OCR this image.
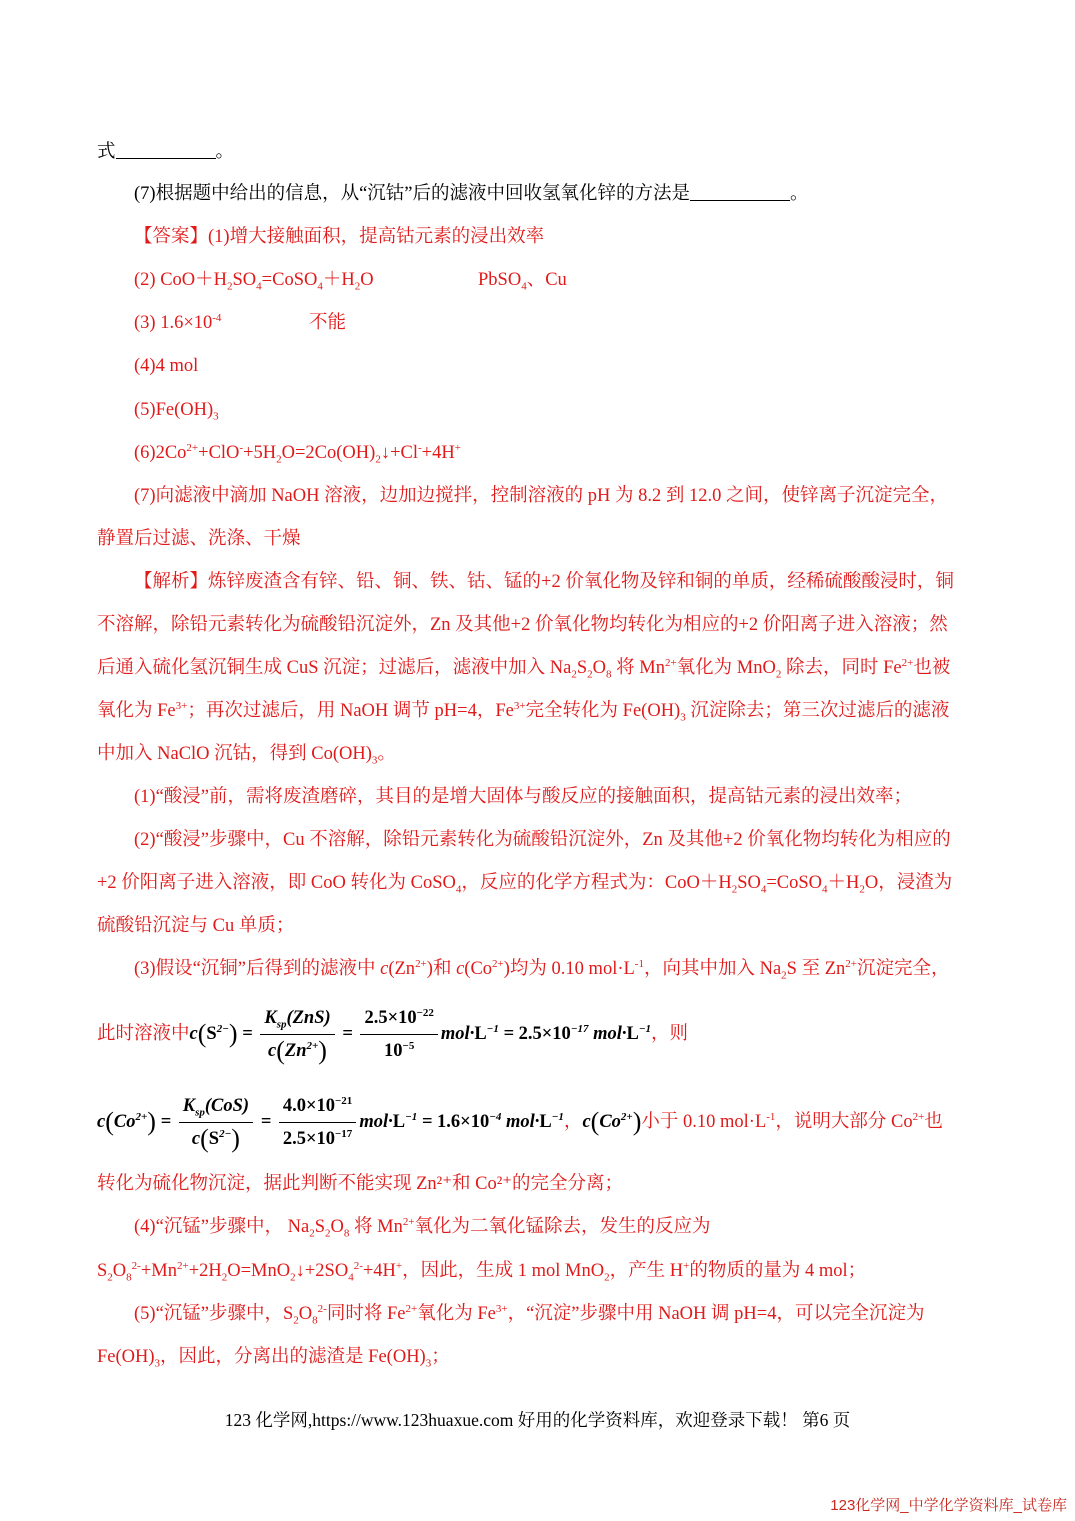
式	。
(7)根据题中给出的信息，从“沉钴”后的滤液中回收氢氧化锌的方法是	。
【答案】(1)增大接触面积，提高钴元素的浸出效率
(2) $CoO+H_2SO_4=CoSO_4+H_2O$	PbSO$_4$、Cu
(3) $1.6\times 10^{-4}$	不能
(4)4 mol
$(5)Fe(OH)_3$
$(6)2Co^{2+}+ClO^-+5H_2O=2Co(OH)_2↓+Cl^-+4H^+$
(7)向滤液中滴加 NaOH 溶液，边加边搅拌，控制溶液的 pH 为 8.2 到 12.0 之间，使锌离子沉淀完全，
静置后过滤、洗涤、干燥
【解析】炼锌废渣含有锌、铅、铜、铁、钴、锰的+2 价氧化物及锌和铜的单质，经稀硫酸酸浸时，铜
不溶解，除铅元素转化为硫酸铅沉淀外，Zn 及其他+2 价氧化物均转化为相应的+2 价阳离子进入溶液；然
后通入硫化氢沉铜生成 CuS 沉淀；过滤后，滤液中加入 $Na_2S_2O_8$ 将 $Mn^{2+}$氧化为 MnO$_2$ 除去，同时 $Fe^{2+}$也被
氧化为 $Fe^{3+}$；再次过滤后，用 NaOH 调节 pH=4，$Fe^{3+}$完全转化为 $Fe(OH)_3$ 沉淀除去；第三次过滤后的滤液
中加入 NaClO 沉钴，得到 $Co(OH)_3$。
(1)“酸浸”前，需将废渣磨碎，其目的是增大固体与酸反应的接触面积，提高钴元素的浸出效率；
(2)“酸浸”步骤中，Cu 不溶解，除铅元素转化为硫酸铅沉淀外，Zn 及其他+2 价氧化物均转化为相应的
+2 价阳离子进入溶液，即 CoO 转化为 CoSO$_4$，反应的化学方程式为：$CoO+H_2SO_4=CoSO_4+H_2O$，浸渣为
硫酸铅沉淀与 Cu 单质；
(3)假设“沉铜”后得到的滤液中 $c(Zn^{2+})$和 $c(Co^{2+})$均为 0.10 $mol\cdot L^{-1}$，向其中加入 $Na_2S$ 至 $Zn^{2+}$沉淀完全，
此时溶液中$c(S^{2-}) = \frac{K_{sp}(ZnS)}{c(Zn^{2+})} = \frac{2.5\times 10^{-22}}{10^{-5}} mol\cdot L^{-1} = 2.5\times 10^{-17}$ $mol\cdot L^{-1}$，则
$c(Co^{2+}) = \frac{K_{sp}(CoS)}{c(S^{2-})} = \frac{4.0\times 10^{-21}}{2.5\times 10^{-17}} mol\cdot L^{-1} = 1.6\times 10^{-4}$ $mol\cdot L^{-1}$，$c(Co^{2+})$小于 0.10 $mol\cdot L^{-1}$，说明大部分 $Co^{2+}$也
转化为硫化物沉淀，据此判断不能实现 Zn²⁺和 Co²⁺的完全分离；
(4)“沉锰”步骤中， $Na_2S_2O_8$ 将 $Mn^{2+}$氧化为二氧化锰除去，发生的反应为
$S_2O_8^{2-}+Mn^{2+}+2H_2O=MnO_2↓+2SO_4^{2-}+4H^+$，因此，生成 1 mol MnO$_2$，产生 H+的物质的量为 4 mol；
(5)“沉锰”步骤中，$S_2O_8^{2-}$同时将 $Fe^{2+}$氧化为 $Fe^{3+}$，“沉淀”步骤中用 NaOH 调 pH=4，可以完全沉淀为
$Fe(OH)_3$，因此，分离出的滤渣是 $Fe(OH)_3$；
123 化学网,https://www.123huaxue.com 好用的化学资料库，欢迎登录下载！ 第6 页
123化学网_中学化学资料库_试卷库
